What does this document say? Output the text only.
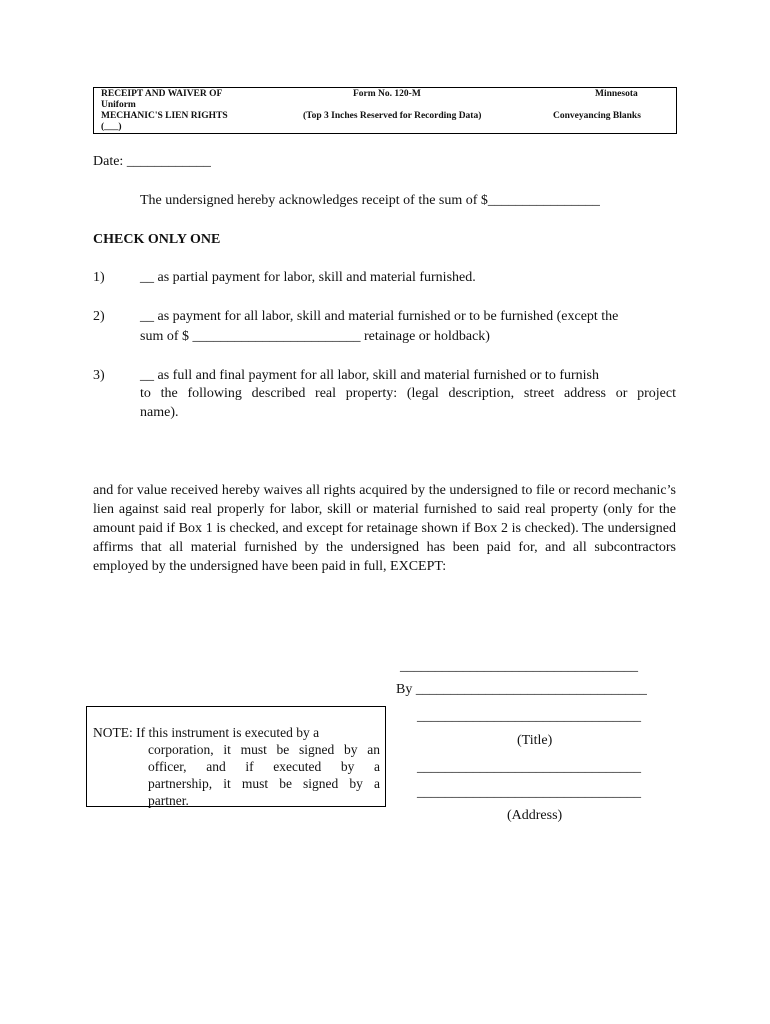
RECEIPT AND WAIVER OF
Uniform
MECHANIC'S LIEN RIGHTS
(___)
Form No. 120-M
(Top 3 Inches Reserved for Recording Data)
Minnesota
Conveyancing Blanks
Date: ____________
The undersigned hereby acknowledges receipt of the sum of $________________
CHECK ONLY ONE
1)	__ as partial payment for labor, skill and material furnished.
2)	__ as payment for all labor, skill and material furnished or to be furnished (except the
sum of $ ________________________ retainage or holdback)
3)	__ as full and final payment for all labor, skill and material furnished or to furnish
to the following described real property: (legal description, street address or project
name).
and for value received hereby waives all rights acquired by the undersigned to file or record mechanic’s lien against said real properly for labor, skill or material furnished to said real property (only for the amount paid if Box 1 is checked, and except for retainage shown if Box 2 is checked). The undersigned affirms that all material furnished by the undersigned has been paid for, and all subcontractors employed by the undersigned have been paid in full, EXCEPT:
__________________________________
By _________________________________
________________________________
(Title)
________________________________
________________________________
(Address)
NOTE: If this instrument is executed by a
corporation, it must be signed by an
officer, and if executed by a
partnership, it must be signed by a
partner.
